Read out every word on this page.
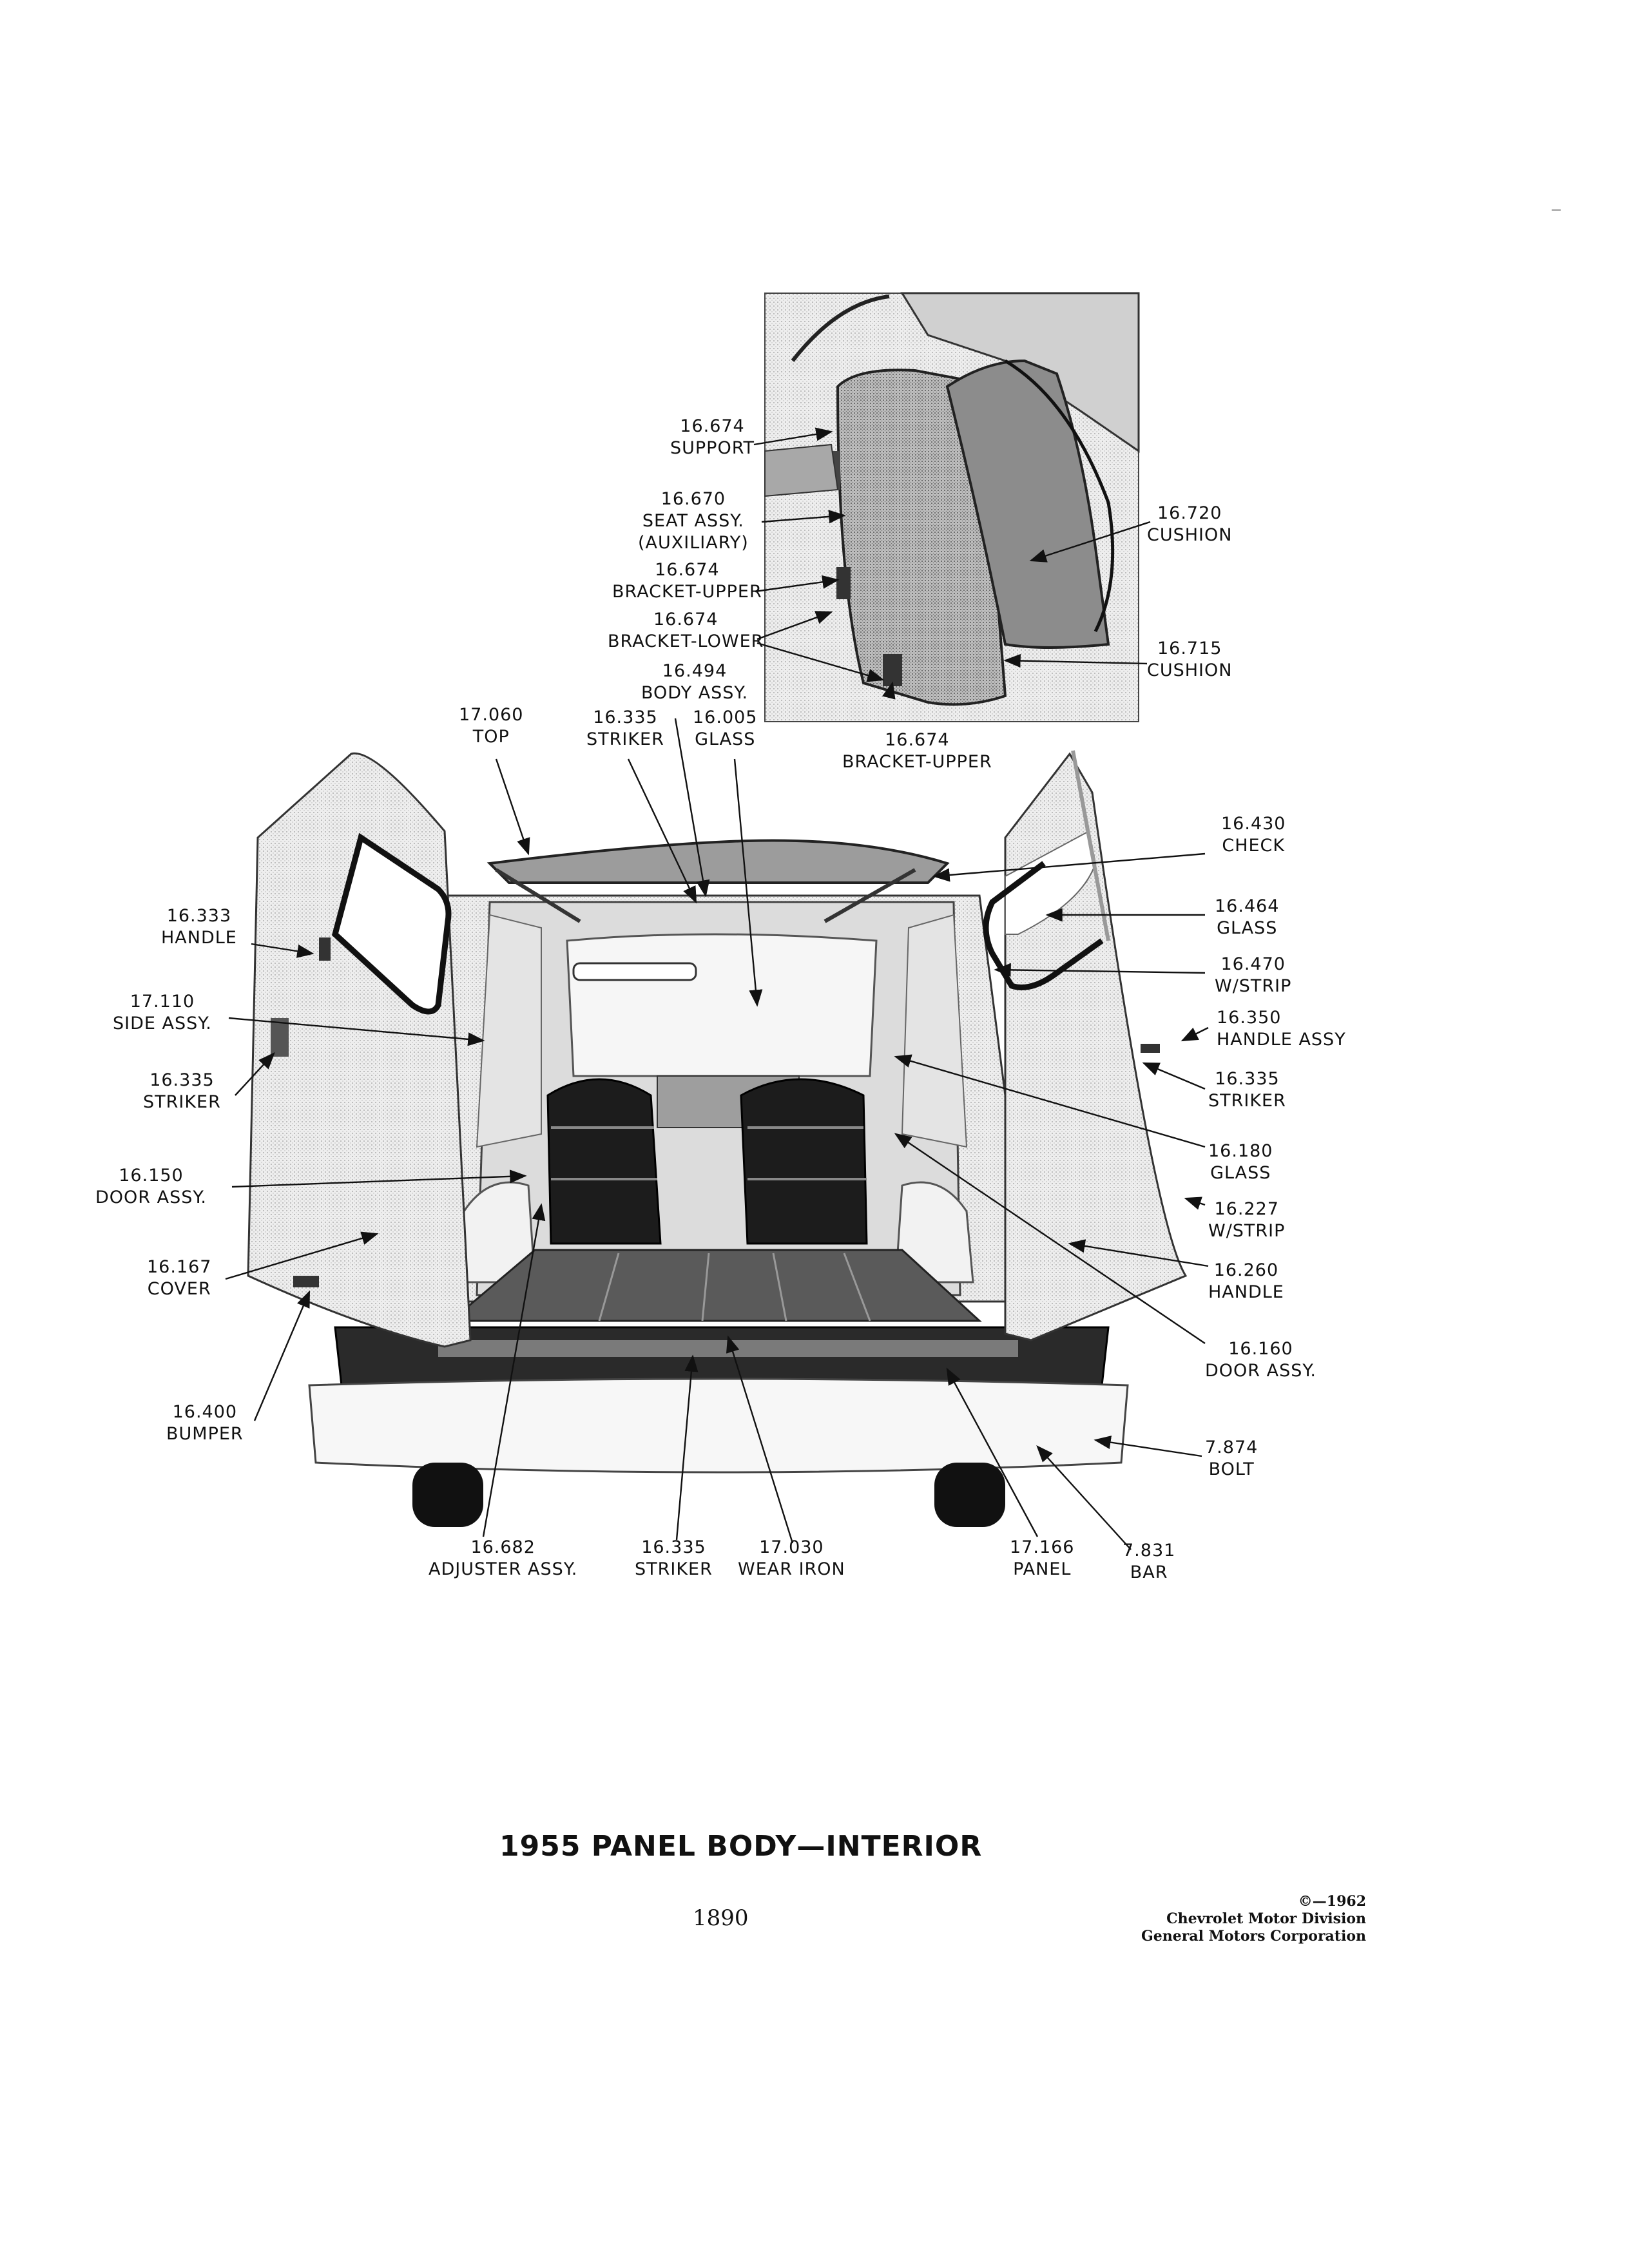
16.674
SUPPORT
16.670
SEAT ASSY.
(AUXILIARY)
16.674
BRACKET-UPPER
16.674
BRACKET-LOWER
16.494
BODY ASSY.
16.720
CUSHION
16.715
CUSHION
16.674
BRACKET-UPPER
17.060
TOP
16.335
STRIKER
16.005
GLASS
16.430
CHECK
16.464
GLASS
16.470
W/STRIP
16.350
HANDLE ASSY
16.335
STRIKER
16.180
GLASS
16.227
W/STRIP
16.260
HANDLE
16.160
DOOR ASSY.
7.874
BOLT
16.333
HANDLE
17.110
SIDE ASSY.
16.335
STRIKER
16.150
DOOR ASSY.
16.167
COVER
16.400
BUMPER
16.682
ADJUSTER ASSY.
16.335
STRIKER
17.030
WEAR IRON
17.166
PANEL
7.831
BAR
1955 PANEL BODY—INTERIOR
1890
©—1962
Chevrolet Motor Division
General Motors Corporation
